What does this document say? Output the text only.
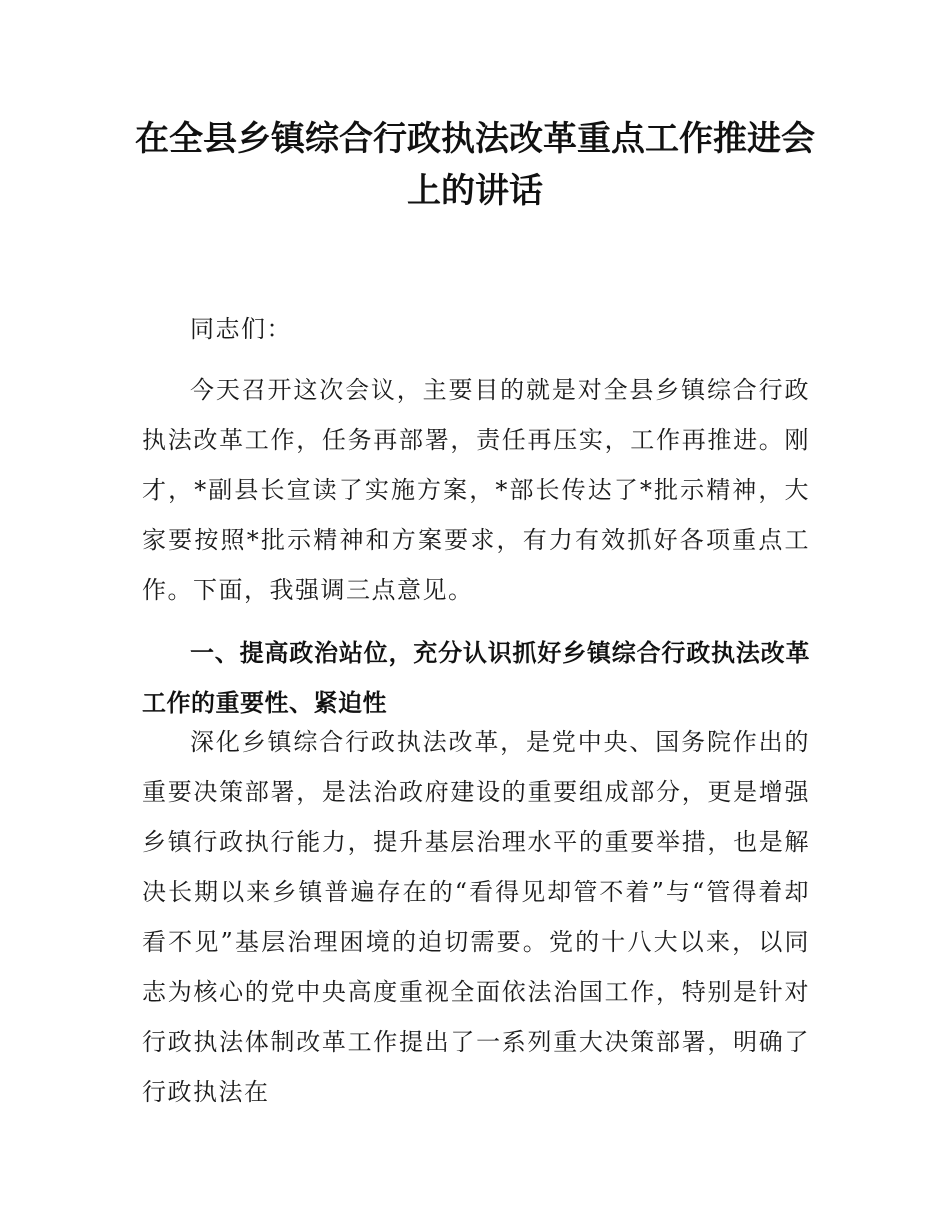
在全县乡镇综合行政执法改革重点工作推进会上的讲话

同志们：

今天召开这次会议，主要目的就是对全县乡镇综合行政执法改革工作，任务再部署，责任再压实，工作再推进。刚才，*副县长宣读了实施方案，*部长传达了*批示精神，大家要按照*批示精神和方案要求，有力有效抓好各项重点工作。下面，我强调三点意见。

一、提高政治站位，充分认识抓好乡镇综合行政执法改革工作的重要性、紧迫性

深化乡镇综合行政执法改革，是党中央、国务院作出的重要决策部署，是法治政府建设的重要组成部分，更是增强乡镇行政执行能力，提升基层治理水平的重要举措，也是解决长期以来乡镇普遍存在的“看得见却管不着”与“管得着却看不见”基层治理困境的迫切需要。党的十八大以来，以同志为核心的党中央高度重视全面依法治国工作，特别是针对行政执法体制改革工作提出了一系列重大决策部署，明确了行政执法在
